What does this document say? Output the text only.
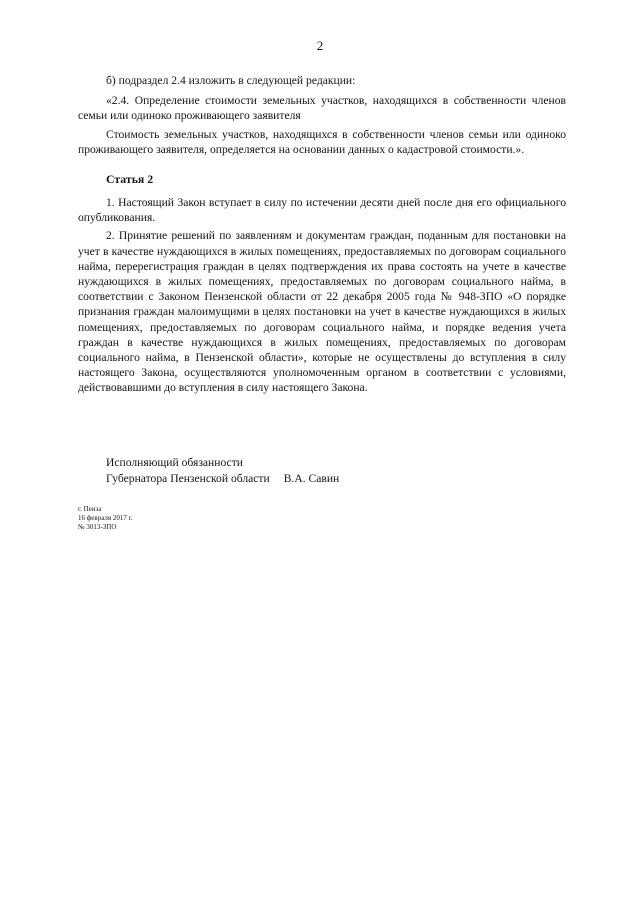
2

б) подраздел 2.4 изложить в следующей редакции:

«2.4. Определение стоимости земельных участков, находящихся в собственности членов семьи или одиноко проживающего заявителя

Стоимость земельных участков, находящихся в собственности членов семьи или одиноко проживающего заявителя, определяется на основании данных о кадастровой стоимости.».

Статья 2

1. Настоящий Закон вступает в силу по истечении десяти дней после дня его официального опубликования.

2. Принятие решений по заявлениям и документам граждан, поданным для постановки на учет в качестве нуждающихся в жилых помещениях, предоставляемых по договорам социального найма, перерегистрация граждан в целях подтверждения их права состоять на учете в качестве нуждающихся в жилых помещениях, предоставляемых по договорам социального найма, в соответствии с Законом Пензенской области от 22 декабря 2005 года № 948-ЗПО «О порядке признания граждан малоимущими в целях постановки на учет в качестве нуждающихся в жилых помещениях, предоставляемых по договорам социального найма, и порядке ведения учета граждан в качестве нуждающихся в жилых помещениях, предоставляемых по договорам социального найма, в Пензенской области», которые не осуществлены до вступления в силу настоящего Закона, осуществляются уполномоченным органом в соответствии с условиями, действовавшими до вступления в силу настоящего Закона.

Исполняющий обязанности
Губернатора Пензенской области В.А. Савин
г. Пенза
16 февраля 2017 г.
№ 3013-ЗПО
